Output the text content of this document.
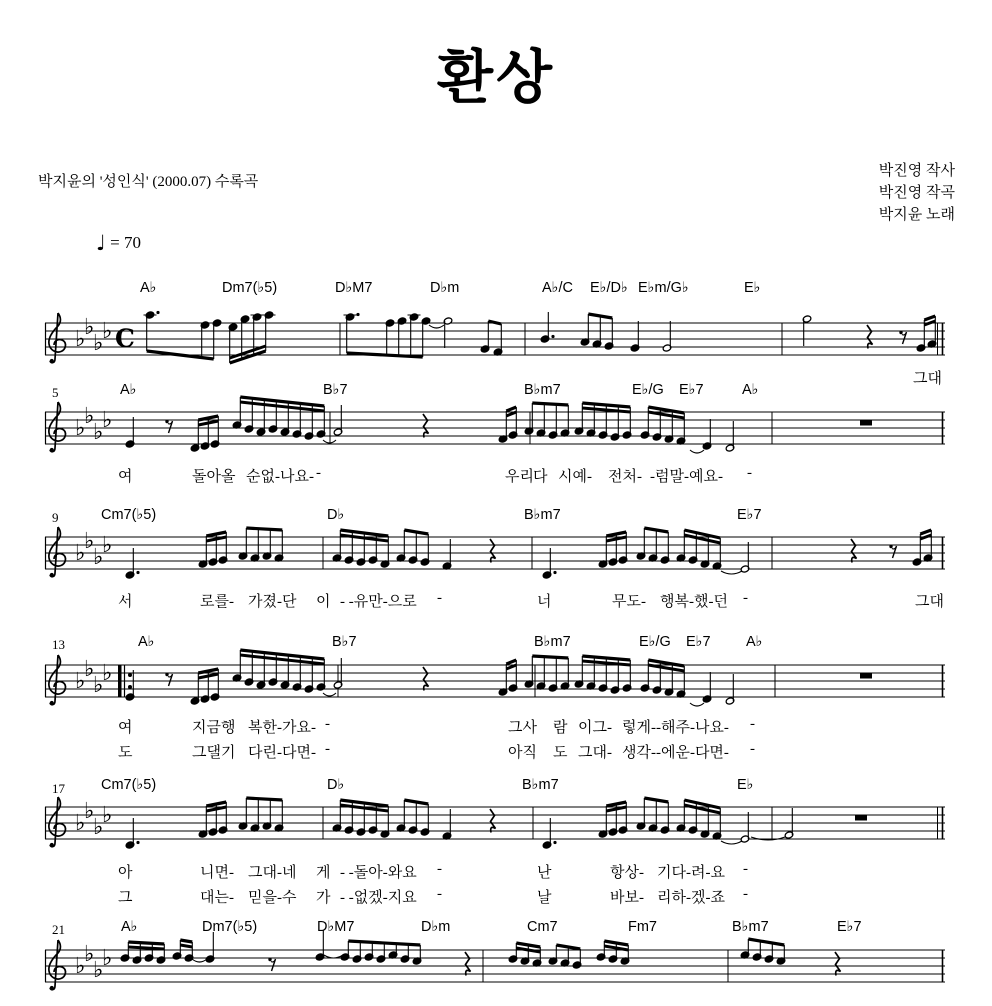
환상
박지윤의 '성인식' (2000.07) 수록곡
박진영 작사
박진영 작곡
박지윤 노래
♩ = 70
A♭	Dm7(♭5)	D♭M7	D♭m	A♭/C E♭/D♭ E♭m/G♭	E♭
그대
♭
♭
♭
♭ C
5	A♭	B♭7	B♭m7	E♭/G E♭7	A♭
여	돌아올 순없-나요- -	우리 다 시예- 전처- -럼말-예요- -
♭
♭
♭
♭
9	Cm7(♭5)	D♭	B♭m7	E♭7
서	로를- 가졌-단 이 - -유만-으로 -	너	무도- 행복-했-던 -	그대
♭
♭
♭
♭
13	A♭	B♭7	B♭m7	E♭/G E♭7 A♭
여	지금행 복한-가요- -	그사 람 이그- 렇게--해주-나요- -
도	그댈기 다린-다면- -	아직 도 그대- 생각--에운-다면- -
♭
♭
♭
♭
17 Cm7(♭5)	D♭	B♭m7	E♭
아	니면- 그대-네 게 - -돌아-와요 -	난	항상- 기다-려-요 -
그	대는- 믿을-수 가 - -없겠-지요 -	날	바보- 리하-겠-죠 -
♭
♭
♭
♭
21	A♭	Dm7(♭5)	D♭M7	D♭m	Cm7	Fm7	B♭m7	E♭7
♭
♭
♭
♭
